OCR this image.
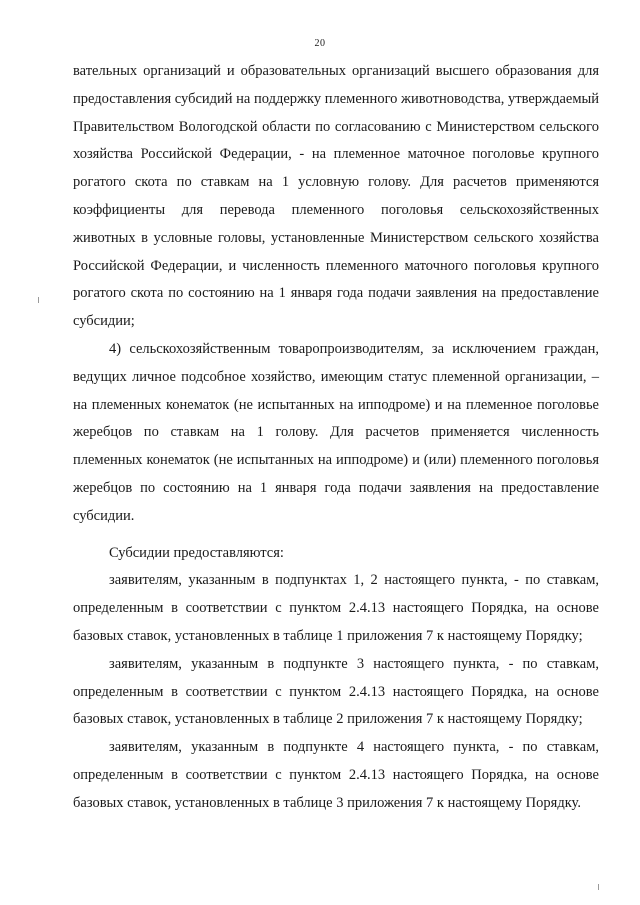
20

вательных организаций и образовательных организаций высшего образования для предоставления субсидий на поддержку племенного животноводства, утверждаемый Правительством Вологодской области по согласованию с Министерством сельского хозяйства Российской Федерации, - на племенное маточное поголовье крупного рогатого скота по ставкам на 1 условную голову. Для расчетов применяются коэффициенты для перевода племенного поголовья сельскохозяйственных животных в условные головы, установленные Министерством сельского хозяйства Российской Федерации, и численность племенного маточного поголовья крупного рогатого скота по состоянию на 1 января года подачи заявления на предоставление субсидии;

4) сельскохозяйственным товаропроизводителям, за исключением граждан, ведущих личное подсобное хозяйство, имеющим статус племенной организации, – на племенных конематок (не испытанных на ипподроме) и на племенное поголовье жеребцов по ставкам на 1 голову. Для расчетов применяется численность племенных конематок (не испытанных на ипподроме) и (или) племенного поголовья жеребцов по состоянию на 1 января года подачи заявления на предоставление субсидии.

Субсидии предоставляются:

заявителям, указанным в подпунктах 1, 2 настоящего пункта, - по ставкам, определенным в соответствии с пунктом 2.4.13 настоящего Порядка, на основе базовых ставок, установленных в таблице 1 приложения 7 к настоящему Порядку;

заявителям, указанным в подпункте 3 настоящего пункта, - по ставкам, определенным в соответствии с пунктом 2.4.13 настоящего Порядка, на основе базовых ставок, установленных в таблице 2 приложения 7 к настоящему Порядку;

заявителям, указанным в подпункте 4 настоящего пункта, - по ставкам, определенным в соответствии с пунктом 2.4.13 настоящего Порядка, на основе базовых ставок, установленных в таблице 3 приложения 7 к настоящему Порядку.
